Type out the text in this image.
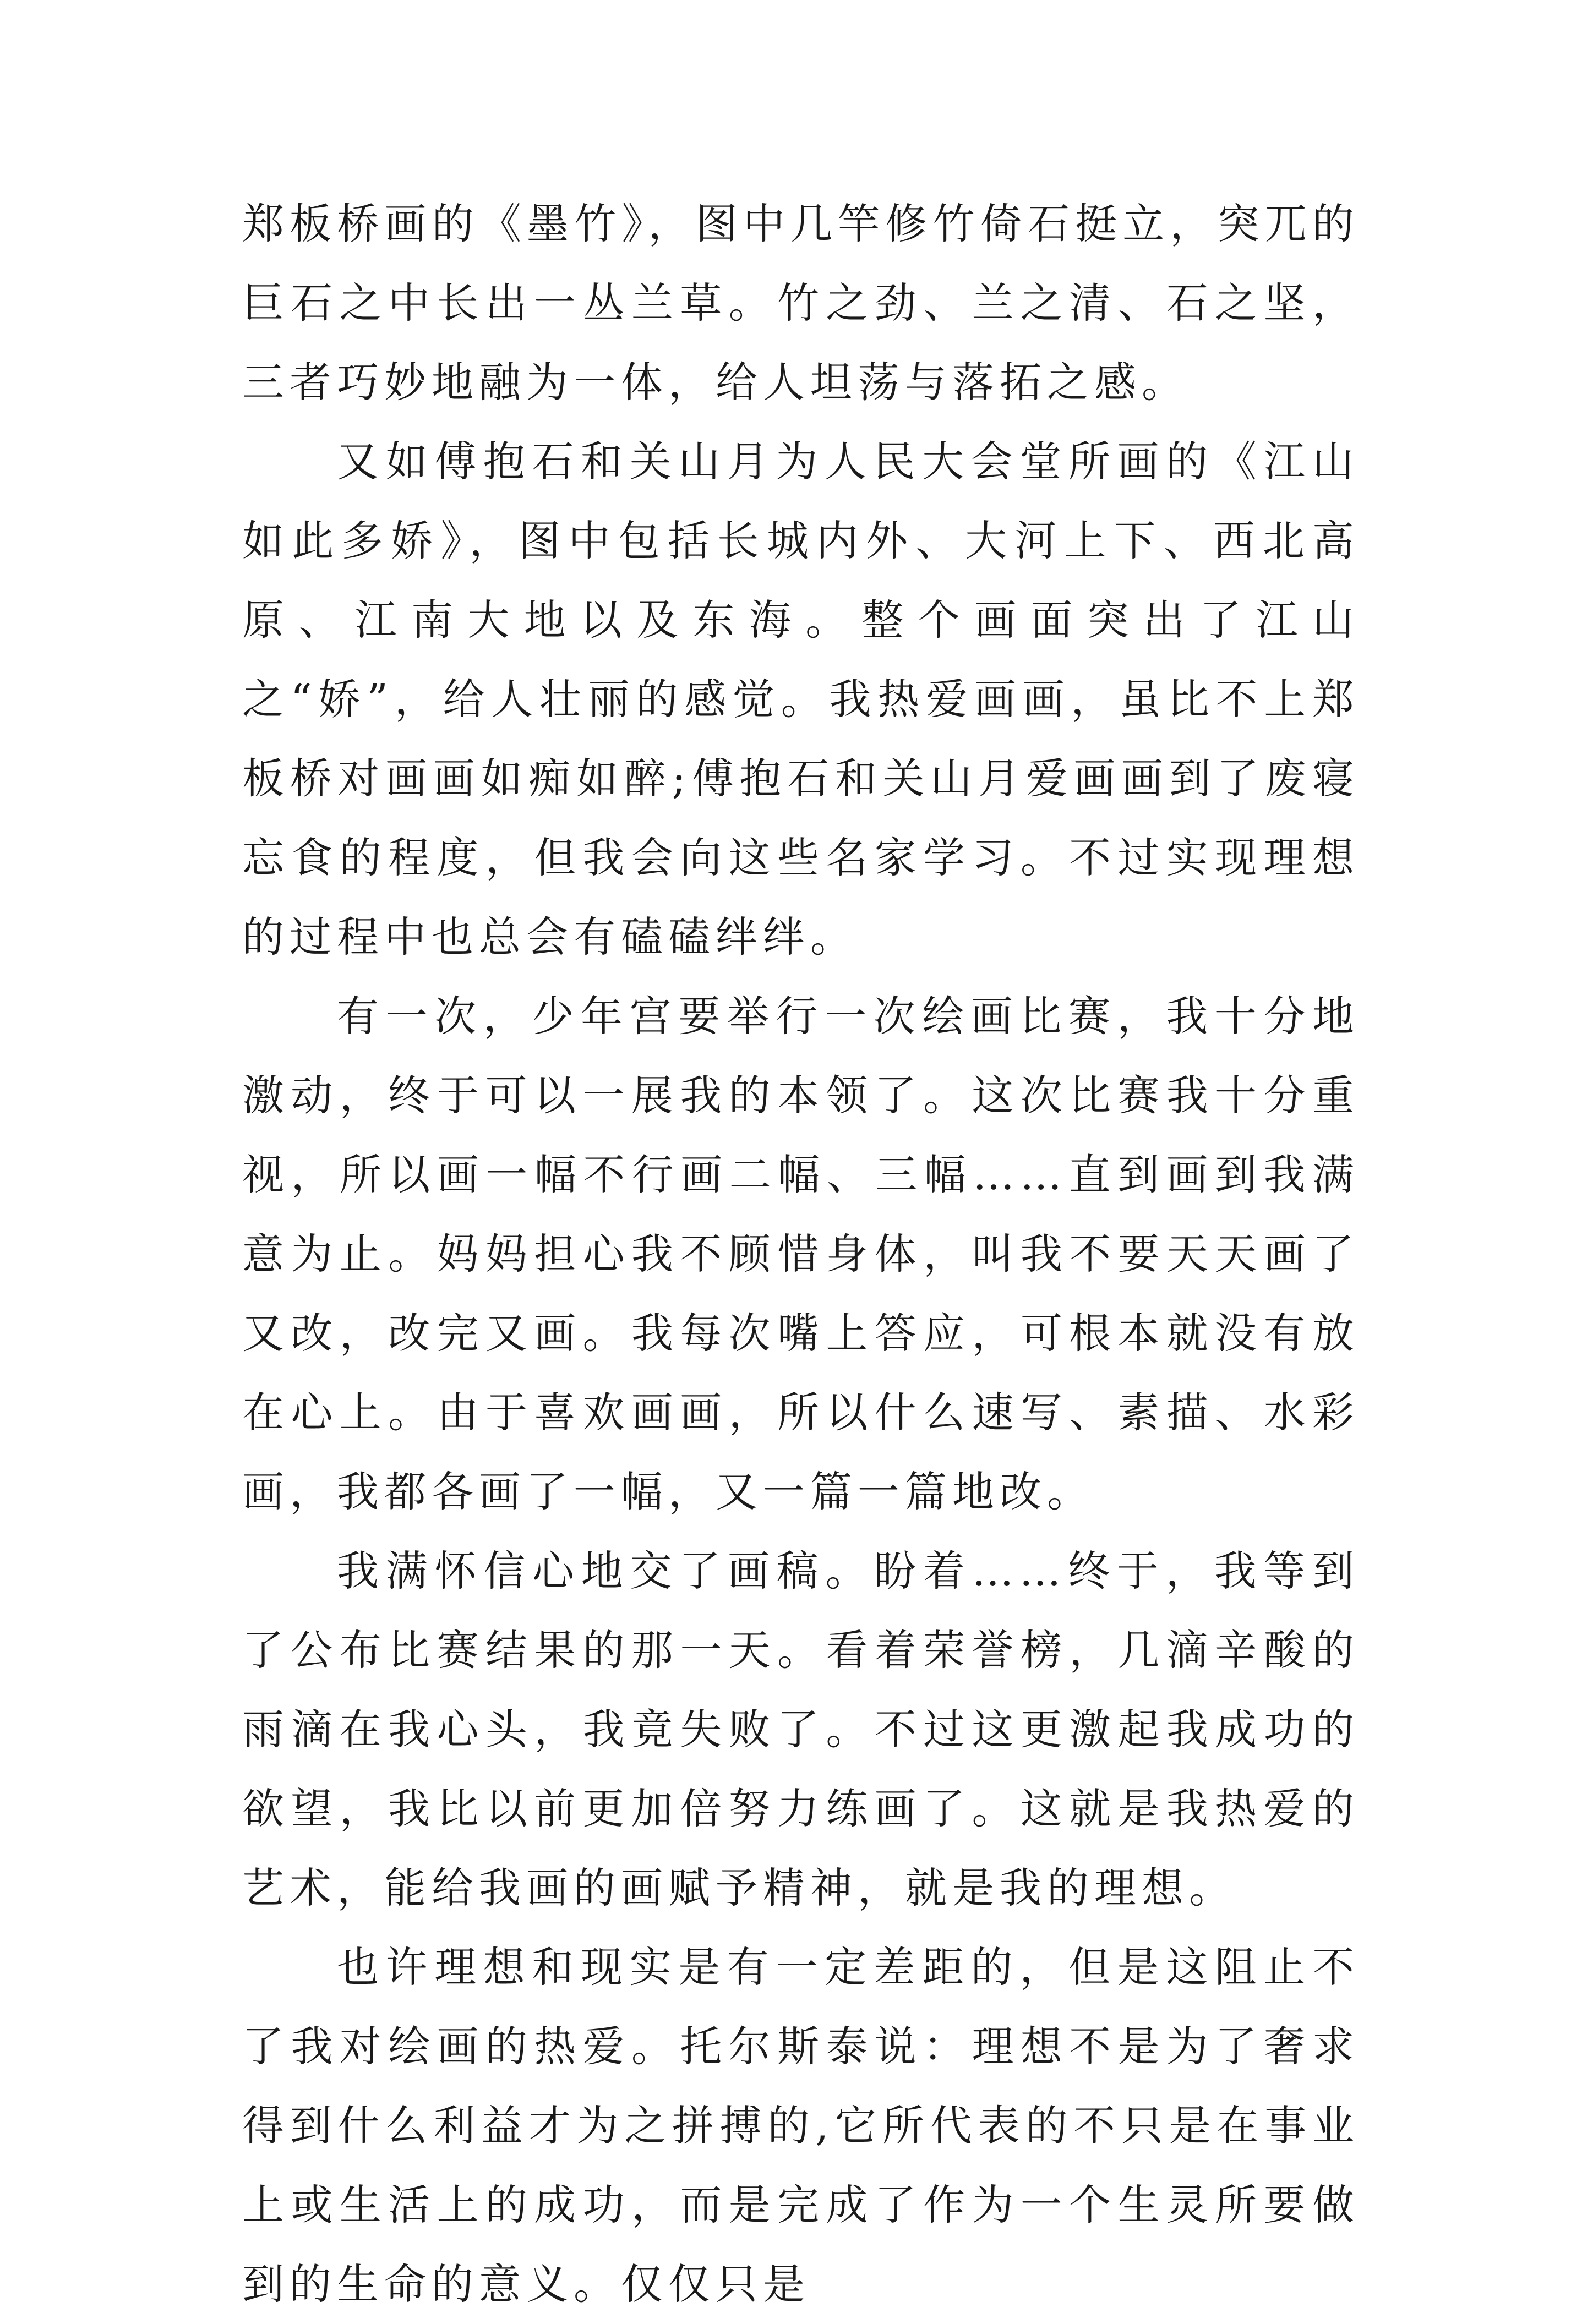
郑板桥画的《墨竹》，图中几竿修竹倚石挺立，突兀的巨石之中长出一丛兰草。竹之劲、兰之清、石之坚，三者巧妙地融为一体，给人坦荡与落拓之感。

又如傅抱石和关山月为人民大会堂所画的《江山如此多娇》，图中包括长城内外、大河上下、西北高原、江南大地以及东海。整个画面突出了江山之“娇”，给人壮丽的感觉。我热爱画画，虽比不上郑板桥对画画如痴如醉;傅抱石和关山月爱画画到了废寝忘食的程度，但我会向这些名家学习。不过实现理想的过程中也总会有磕磕绊绊。

有一次，少年宫要举行一次绘画比赛，我十分地激动，终于可以一展我的本领了。这次比赛我十分重视，所以画一幅不行画二幅、三幅……直到画到我满意为止。妈妈担心我不顾惜身体，叫我不要天天画了又改，改完又画。我每次嘴上答应，可根本就没有放在心上。由于喜欢画画，所以什么速写、素描、水彩画，我都各画了一幅，又一篇一篇地改。

我满怀信心地交了画稿。盼着……终于，我等到了公布比赛结果的那一天。看着荣誉榜，几滴辛酸的雨滴在我心头，我竟失败了。不过这更激起我成功的欲望，我比以前更加倍努力练画了。这就是我热爱的艺术，能给我画的画赋予精神，就是我的理想。

也许理想和现实是有一定差距的，但是这阻止不了我对绘画的热爱。托尔斯泰说：理想不是为了奢求得到什么利益才为之拼搏的,它所代表的不只是在事业上或生活上的成功，而是完成了作为一个生灵所要做到的生命的意义。仅仅只是
